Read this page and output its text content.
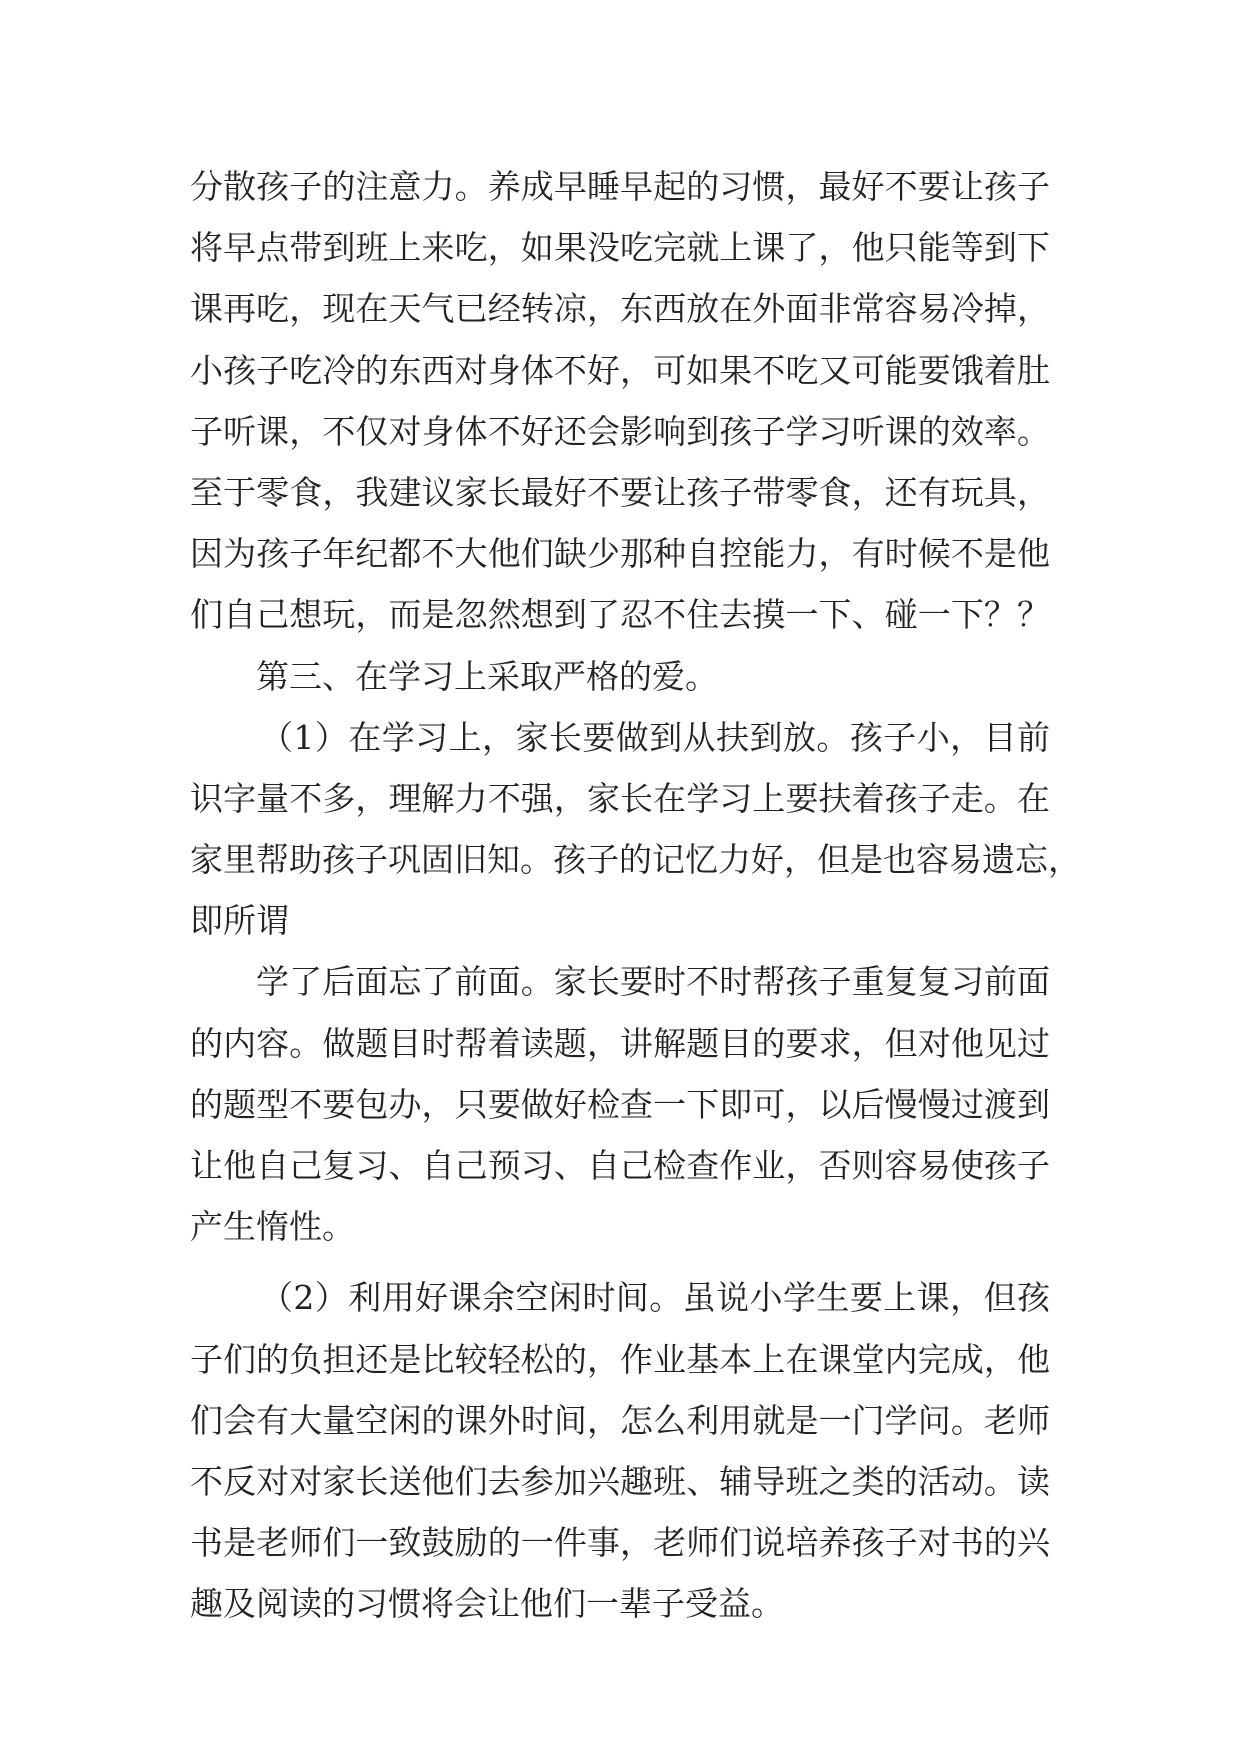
分散孩子的注意力。养成早睡早起的习惯，最好不要让孩子
将早点带到班上来吃，如果没吃完就上课了，他只能等到下
课再吃，现在天气已经转凉，东西放在外面非常容易冷掉，
小孩子吃冷的东西对身体不好，可如果不吃又可能要饿着肚
子听课，不仅对身体不好还会影响到孩子学习听课的效率。
至于零食，我建议家长最好不要让孩子带零食，还有玩具，
因为孩子年纪都不大他们缺少那种自控能力，有时候不是他
们自己想玩，而是忽然想到了忍不住去摸一下、碰一下？？
第三、在学习上采取严格的爱。
（1）在学习上，家长要做到从扶到放。孩子小，目前
识字量不多，理解力不强，家长在学习上要扶着孩子走。在
家里帮助孩子巩固旧知。孩子的记忆力好，但是也容易遗忘，
即所谓
学了后面忘了前面。家长要时不时帮孩子重复复习前面
的内容。做题目时帮着读题，讲解题目的要求，但对他见过
的题型不要包办，只要做好检查一下即可，以后慢慢过渡到
让他自己复习、自己预习、自己检查作业，否则容易使孩子
产生惰性。
（2）利用好课余空闲时间。虽说小学生要上课，但孩
子们的负担还是比较轻松的，作业基本上在课堂内完成，他
们会有大量空闲的课外时间，怎么利用就是一门学问。老师
不反对对家长送他们去参加兴趣班、辅导班之类的活动。读
书是老师们一致鼓励的一件事，老师们说培养孩子对书的兴
趣及阅读的习惯将会让他们一辈子受益。
